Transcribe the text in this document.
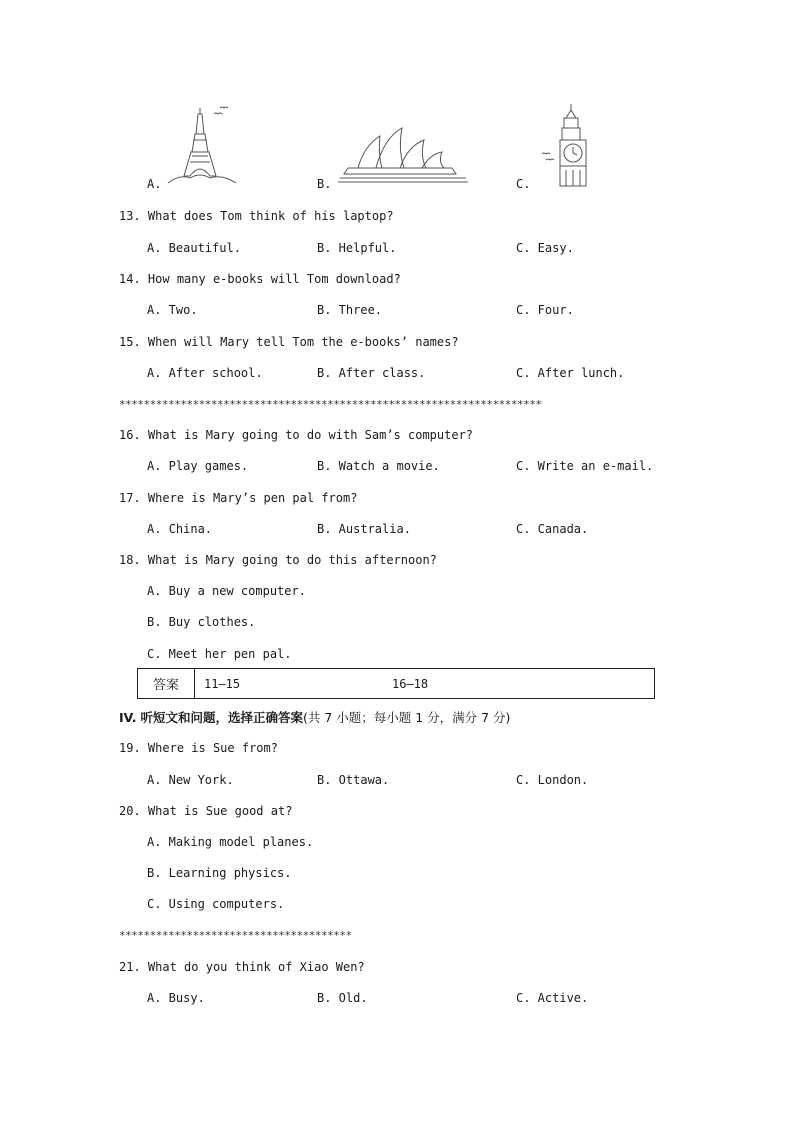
A.	B.	C.
13. What does Tom think of his laptop?
A. Beautiful.	B. Helpful.	C. Easy.
14. How many e-books will Tom download?
A. Two.	B. Three.	C. Four.
15. When will Mary tell Tom the e-books’ names?
A. After school.	B. After class.	C. After lunch.
*********************************************************************
16. What is Mary going to do with Sam’s computer?
A. Play games.	B. Watch a movie.	C. Write an e-mail.
17. Where is Mary’s pen pal from?
A. China.	B. Australia.	C. Canada.
18. What is Mary going to do this afternoon?
A. Buy a new computer.
B. Buy clothes.
C. Meet her pen pal.
答案	11—15	16—18
IV. 听短文和问题，选择正确答案(共 7 小题；每小题 1 分，满分 7 分)
19. Where is Sue from?
A. New York.	B. Ottawa.	C. London.
20. What is Sue good at?
A. Making model planes.
B. Learning physics.
C. Using computers.
**************************************
21. What do you think of Xiao Wen?
A. Busy.	B. Old.	C. Active.
